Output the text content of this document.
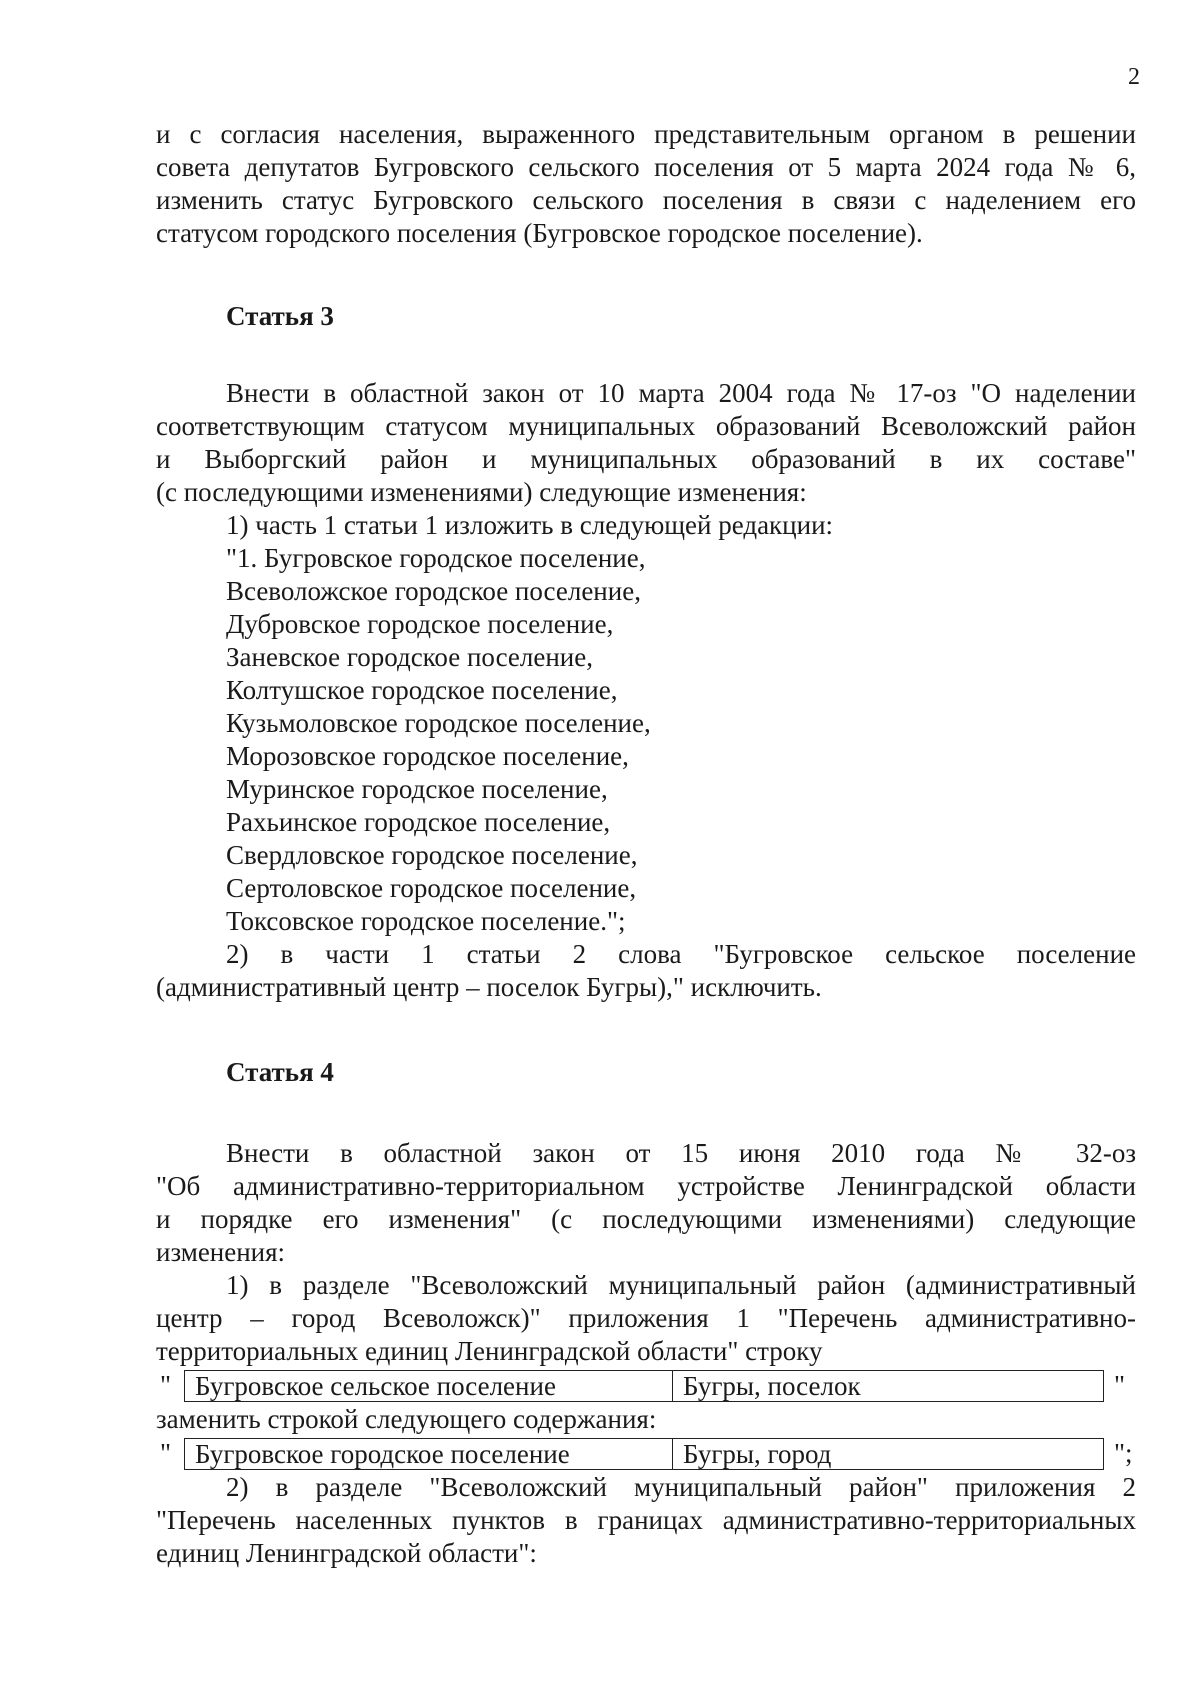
2

и с согласия населения, выраженного представительным органом в решении

совета депутатов Бугровского сельского поселения от 5 марта 2024 года № 6,

изменить статус Бугровского сельского поселения в связи с наделением его

статусом городского поселения (Бугровское городское поселение).

Статья 3

Внести в областной закон от 10 марта 2004 года № 17-оз "О наделении

соответствующим статусом муниципальных образований Всеволожский район

и Выборгский район и муниципальных образований в их составе"

(с последующими изменениями) следующие изменения:

1) часть 1 статьи 1 изложить в следующей редакции:

"1. Бугровское городское поселение,

Всеволожское городское поселение,

Дубровское городское поселение,

Заневское городское поселение,

Колтушское городское поселение,

Кузьмоловское городское поселение,

Морозовское городское поселение,

Муринское городское поселение,

Рахьинское городское поселение,

Свердловское городское поселение,

Сертоловское городское поселение,

Токсовское городское поселение.";

2) в части 1 статьи 2 слова "Бугровское сельское поселение

(административный центр – поселок Бугры)," исключить.

Статья 4

Внести в областной закон от 15 июня 2010 года № 32-оз

"Об административно-территориальном устройстве Ленинградской области

и порядке его изменения" (с последующими изменениями) следующие

изменения:

1) в разделе "Всеволожский муниципальный район (административный

центр – город Всеволожск)" приложения 1 "Перечень административно-

территориальных единиц Ленинградской области" строку

" Бугровское сельское поселение	Бугры, поселок	"

заменить строкой следующего содержания:

" Бугровское городское поселение	Бугры, город	";

2) в разделе "Всеволожский муниципальный район" приложения 2

"Перечень населенных пунктов в границах административно-территориальных

единиц Ленинградской области":
